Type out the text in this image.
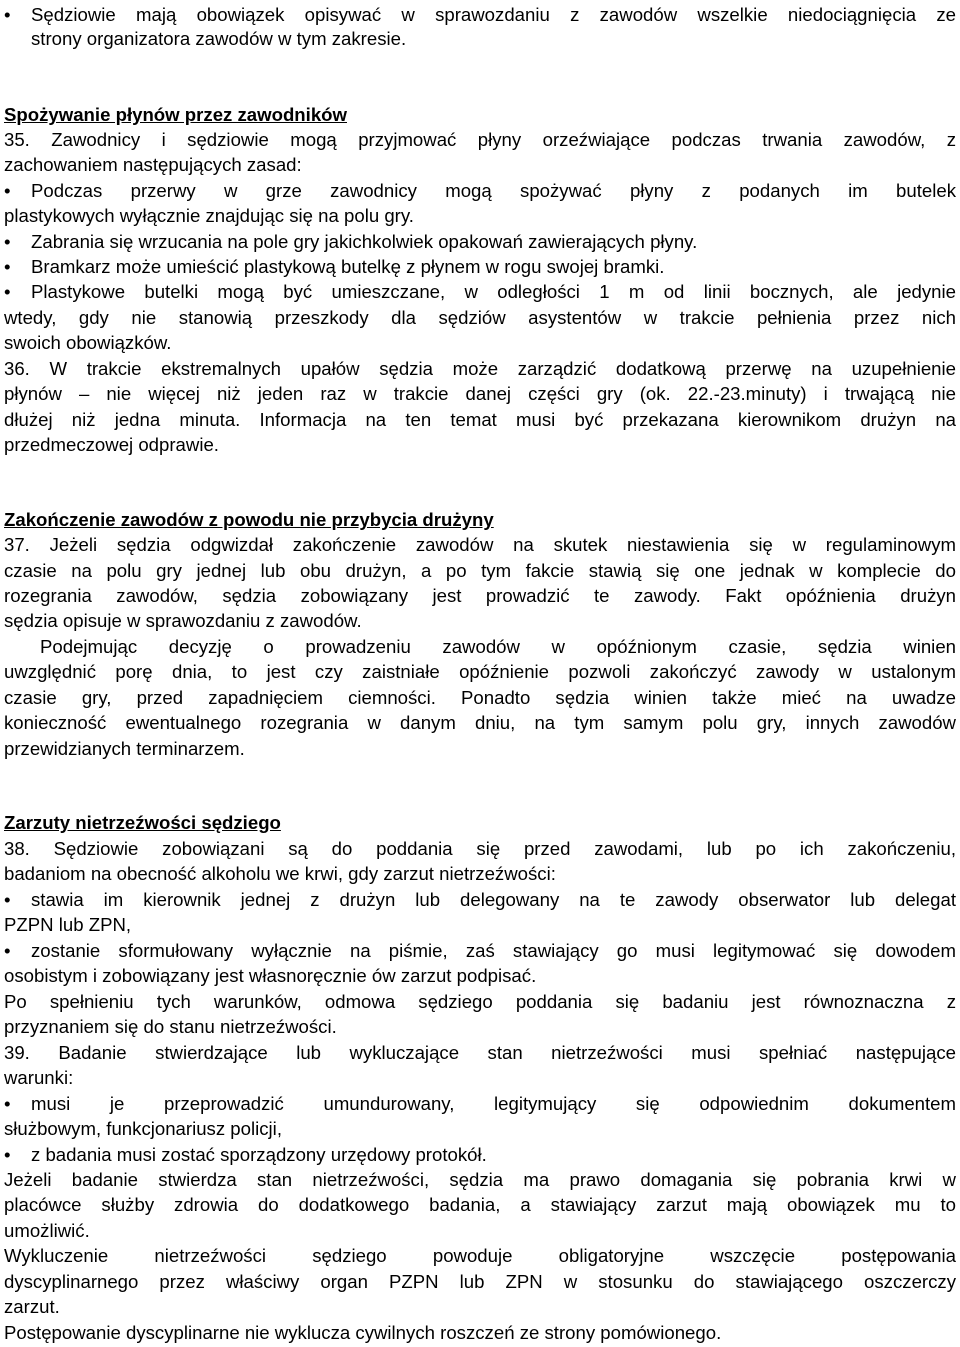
•	Sędziowie mają obowiązek opisywać w sprawozdaniu z zawodów wszelkie niedociągnięcia ze
strony organizatora zawodów w tym zakresie.
Spożywanie płynów przez zawodników
35. Zawodnicy i sędziowie mogą przyjmować płyny orzeźwiające podczas trwania zawodów, z
zachowaniem następujących zasad:
•	Podczas przerwy w grze zawodnicy mogą spożywać płyny z podanych im butelek
plastykowych wyłącznie znajdując się na polu gry.
•	Zabrania się wrzucania na pole gry jakichkolwiek opakowań zawierających płyny.
•	Bramkarz może umieścić plastykową butelkę z płynem w rogu swojej bramki.
•	Plastykowe butelki mogą być umieszczane, w odległości 1 m od linii bocznych, ale jedynie
wtedy, gdy nie stanowią przeszkody dla sędziów asystentów w trakcie pełnienia przez nich
swoich obowiązków.
36. W trakcie ekstremalnych upałów sędzia może zarządzić dodatkową przerwę na uzupełnienie
płynów – nie więcej niż jeden raz w trakcie danej części gry (ok. 22.-23.minuty) i trwającą nie
dłużej niż jedna minuta. Informacja na ten temat musi być przekazana kierownikom drużyn na
przedmeczowej odprawie.
Zakończenie zawodów z powodu nie przybycia drużyny
37. Jeżeli sędzia odgwizdał zakończenie zawodów na skutek niestawienia się w regulaminowym
czasie na polu gry jednej lub obu drużyn, a po tym fakcie stawią się one jednak w komplecie do
rozegrania zawodów, sędzia zobowiązany jest prowadzić te zawody. Fakt opóźnienia drużyn
sędzia opisuje w sprawozdaniu z zawodów.
Podejmując decyzję o prowadzeniu zawodów w opóźnionym czasie, sędzia winien
uwzględnić porę dnia, to jest czy zaistniałe opóźnienie pozwoli zakończyć zawody w ustalonym
czasie gry, przed zapadnięciem ciemności. Ponadto sędzia winien także mieć na uwadze
konieczność ewentualnego rozegrania w danym dniu, na tym samym polu gry, innych zawodów
przewidzianych terminarzem.
Zarzuty nietrzeźwości sędziego
38. Sędziowie zobowiązani są do poddania się przed zawodami, lub po ich zakończeniu,
badaniom na obecność alkoholu we krwi, gdy zarzut nietrzeźwości:
•	stawia im kierownik jednej z drużyn lub delegowany na te zawody obserwator lub delegat
PZPN lub ZPN,
•	zostanie sformułowany wyłącznie na piśmie, zaś stawiający go musi legitymować się dowodem
osobistym i zobowiązany jest własnoręcznie ów zarzut podpisać.
Po spełnieniu tych warunków, odmowa sędziego poddania się badaniu jest równoznaczna z
przyznaniem się do stanu nietrzeźwości.
39. Badanie stwierdzające lub wykluczające stan nietrzeźwości musi spełniać następujące
warunki:
•	musi je przeprowadzić umundurowany, legitymujący się odpowiednim dokumentem
służbowym, funkcjonariusz policji,
•	z badania musi zostać sporządzony urzędowy protokół.
Jeżeli badanie stwierdza stan nietrzeźwości, sędzia ma prawo domagania się pobrania krwi w
placówce służby zdrowia do dodatkowego badania, a stawiający zarzut mają obowiązek mu to
umożliwić.
Wykluczenie nietrzeźwości sędziego powoduje obligatoryjne wszczęcie postępowania
dyscyplinarnego przez właściwy organ PZPN lub ZPN w stosunku do stawiającego oszczerczy
zarzut.
Postępowanie dyscyplinarne nie wyklucza cywilnych roszczeń ze strony pomówionego.
